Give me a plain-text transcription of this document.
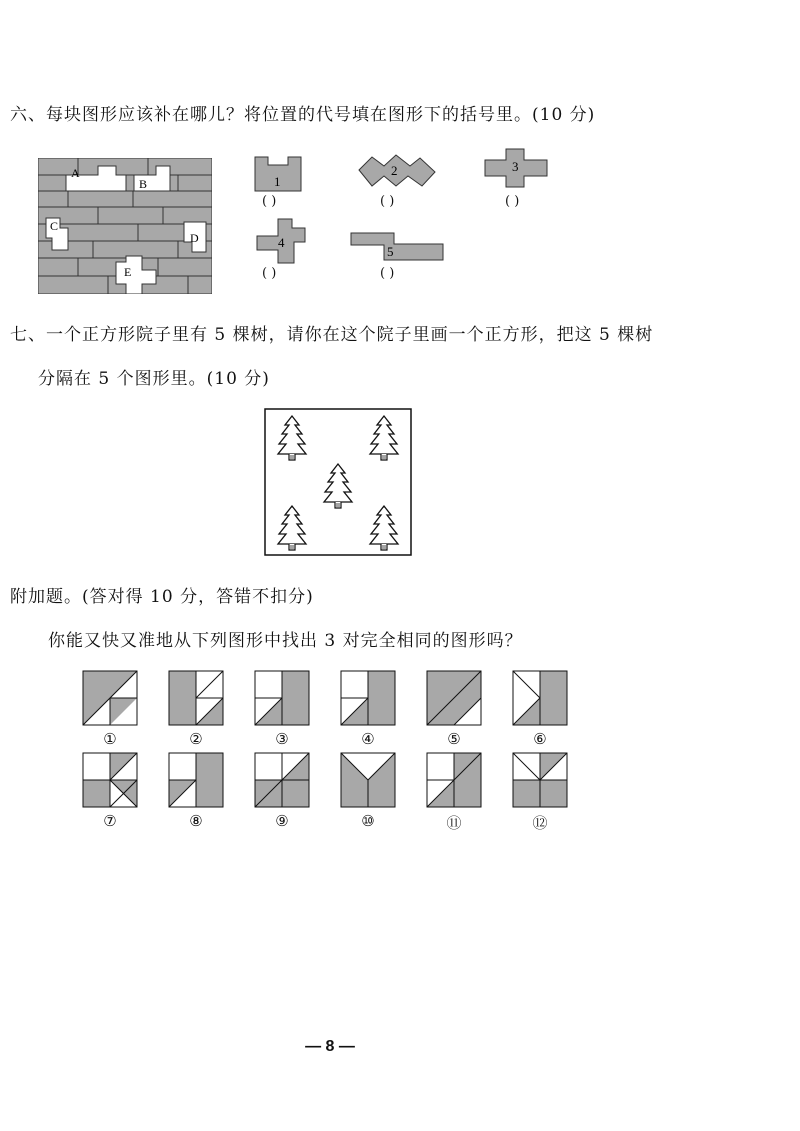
六、每块图形应该补在哪儿？将位置的代号填在图形下的括号里。(10 分)
A
B
C
D
E
1
( )
2
( )
3
( )
4
( )
5
( )
七、一个正方形院子里有 5 棵树，请你在这个院子里画一个正方形，把这 5 棵树
分隔在 5 个图形里。(10 分)
附加题。(答对得 10 分，答错不扣分)
你能又快又准地从下列图形中找出 3 对完全相同的图形吗？
①	②	③	④	⑤	⑥
⑦	⑧	⑨	⑩	⑪	⑫
— 8 —
